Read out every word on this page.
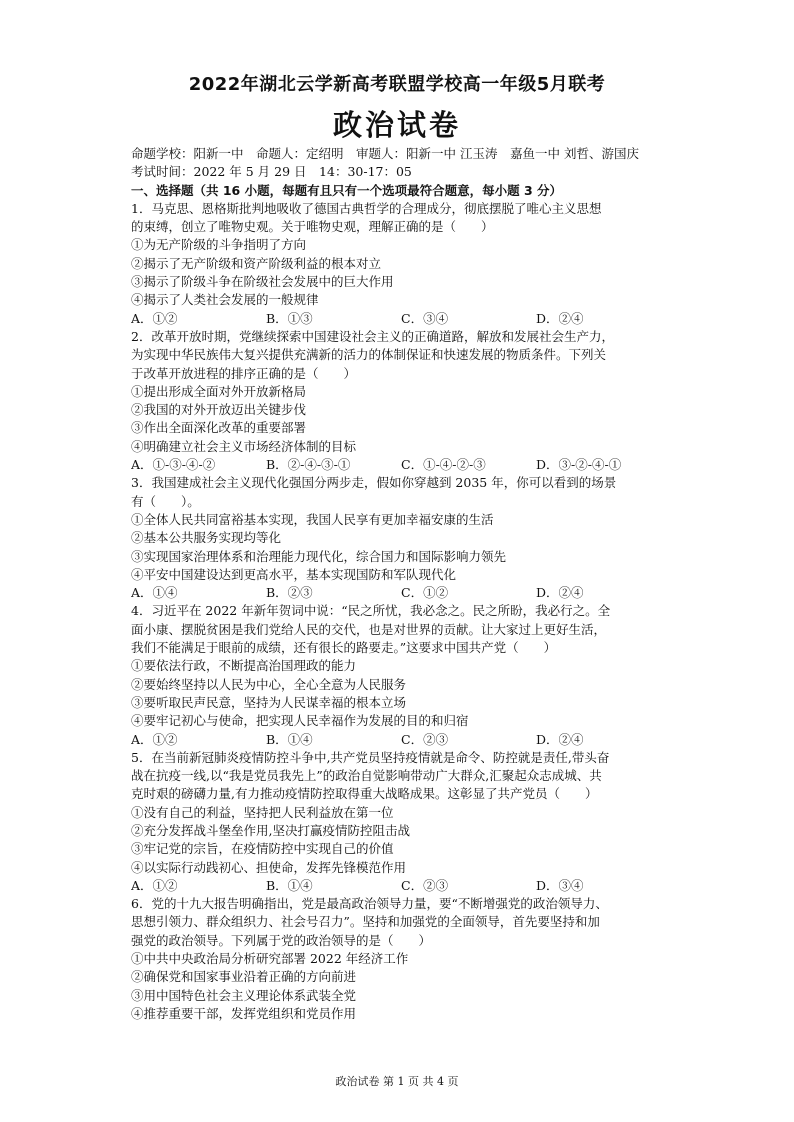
2022年湖北云学新高考联盟学校高一年级5月联考
政治试卷
命题学校：阳新一中　命题人：定绍明　审题人：阳新一中 江玉涛　嘉鱼一中 刘哲、游国庆
考试时间：2022 年 5 月 29 日　14：30-17：05
一、选择题（共 16 小题，每题有且只有一个选项最符合题意，每小题 3 分）
1．马克思、恩格斯批判地吸收了德国古典哲学的合理成分，彻底摆脱了唯心主义思想
的束缚，创立了唯物史观。关于唯物史观，理解正确的是（　　）
①为无产阶级的斗争指明了方向
②揭示了无产阶级和资产阶级利益的根本对立
③揭示了阶级斗争在阶级社会发展中的巨大作用
④揭示了人类社会发展的一般规律
A．①②	B．①③	C．③④	D．②④
2．改革开放时期，党继续探索中国建设社会主义的正确道路，解放和发展社会生产力，
为实现中华民族伟大复兴提供充满新的活力的体制保证和快速发展的物质条件。下列关
于改革开放进程的排序正确的是（　　）
①提出形成全面对外开放新格局
②我国的对外开放迈出关键步伐
③作出全面深化改革的重要部署
④明确建立社会主义市场经济体制的目标
A．①-③-④-②	B．②-④-③-①	C．①-④-②-③	D．③-②-④-①
3．我国建成社会主义现代化强国分两步走，假如你穿越到 2035 年，你可以看到的场景
有（　　）。
①全体人民共同富裕基本实现，我国人民享有更加幸福安康的生活
②基本公共服务实现均等化
③实现国家治理体系和治理能力现代化，综合国力和国际影响力领先
④平安中国建设达到更高水平，基本实现国防和军队现代化
A．①④	B．②③	C．①②	D．②④
4．习近平在 2022 年新年贺词中说：“民之所忧，我必念之。民之所盼，我必行之。全
面小康、摆脱贫困是我们党给人民的交代，也是对世界的贡献。让大家过上更好生活，
我们不能满足于眼前的成绩，还有很长的路要走。”这要求中国共产党（　　）
①要依法行政，不断提高治国理政的能力
②要始终坚持以人民为中心，全心全意为人民服务
③要听取民声民意，坚持为人民谋幸福的根本立场
④要牢记初心与使命，把实现人民幸福作为发展的目的和归宿
A．①②	B．①④	C．②③	D．②④
5．在当前新冠肺炎疫情防控斗争中,共产党员坚持疫情就是命令、防控就是责任,带头奋
战在抗疫一线,以“我是党员我先上”的政治自觉影响带动广大群众,汇聚起众志成城、共
克时艰的磅礴力量,有力推动疫情防控取得重大战略成果。这彰显了共产党员（　　）
①没有自己的利益，坚持把人民利益放在第一位
②充分发挥战斗堡垒作用,坚决打赢疫情防控阻击战
③牢记党的宗旨，在疫情防控中实现自己的价值
④以实际行动践初心、担使命，发挥先锋模范作用
A．①②	B．①④	C．②③	D．③④
6．党的十九大报告明确指出，党是最高政治领导力量，要“不断增强党的政治领导力、
思想引领力、群众组织力、社会号召力”。坚持和加强党的全面领导，首先要坚持和加
强党的政治领导。下列属于党的政治领导的是（　　）
①中共中央政治局分析研究部署 2022 年经济工作
②确保党和国家事业沿着正确的方向前进
③用中国特色社会主义理论体系武装全党
④推荐重要干部，发挥党组织和党员作用
政治试卷 第 1 页 共 4 页
